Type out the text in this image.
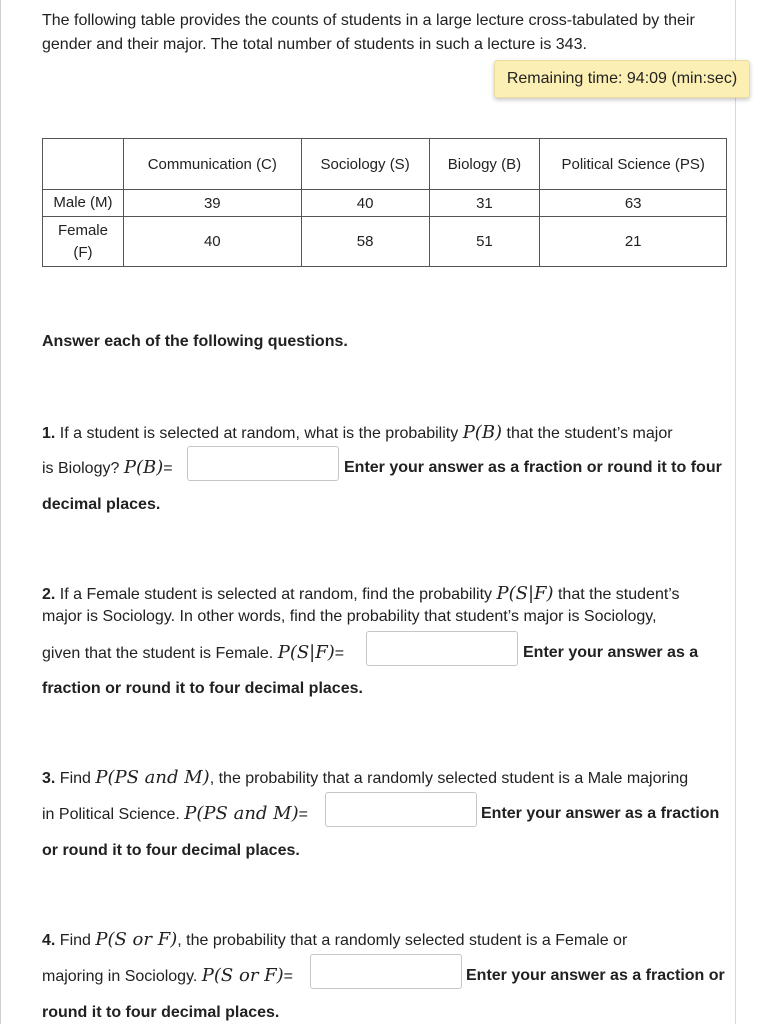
The following table provides the counts of students in a large lecture cross-tabulated by their gender and their major. The total number of students in such a lecture is 343.
Remaining time: 94:09 (min:sec)
	Communication (C)	Sociology (S)	Biology (B)	Political Science (PS)
Male (M)	39	40	31	63
Female
(F)	40	58	51	21
Answer each of the following questions.
1. If a student is selected at random, what is the probability P(B) that the student’s major
is Biology? P(B)=	Enter your answer as a fraction or round it to four
decimal places.
2. If a Female student is selected at random, find the probability P(S|F) that the student’s
major is Sociology. In other words, find the probability that student’s major is Sociology,
given that the student is Female. P(S|F)=	Enter your answer as a
fraction or round it to four decimal places.
3. Find P(PS and M), the probability that a randomly selected student is a Male majoring
in Political Science. P(PS and M)=	Enter your answer as a fraction
or round it to four decimal places.
4. Find P(S or F), the probability that a randomly selected student is a Female or
majoring in Sociology. P(S or F)=	Enter your answer as a fraction or
round it to four decimal places.
